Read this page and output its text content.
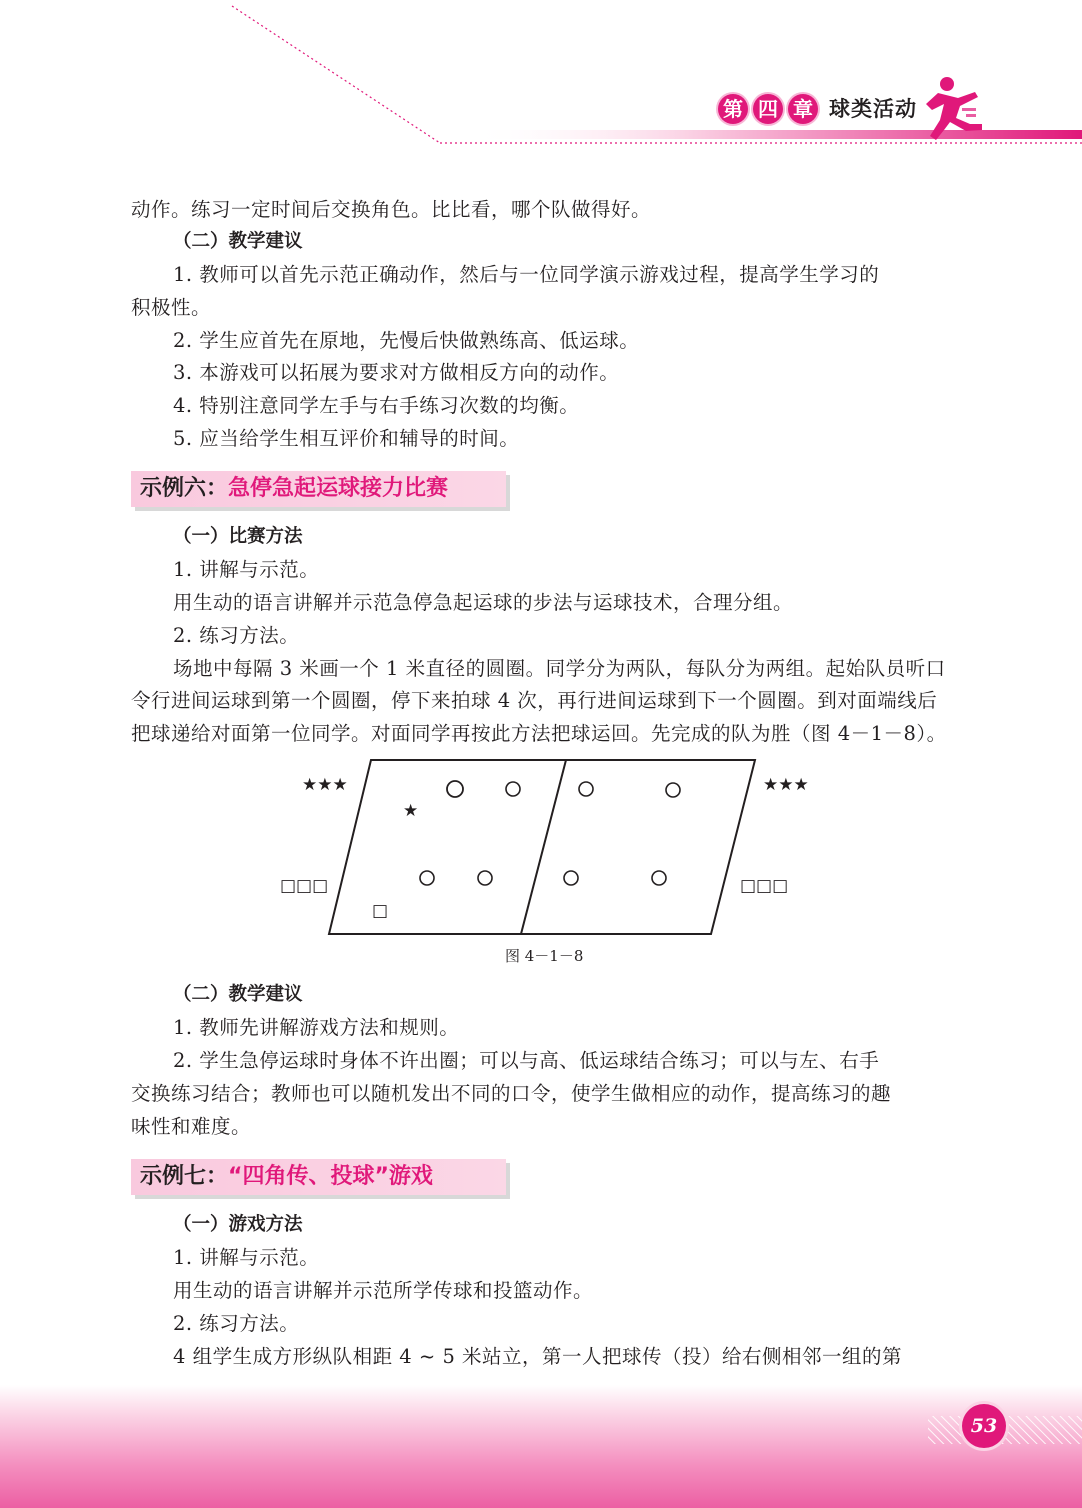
第 四 章 球类活动
动作。练习一定时间后交换角色。比比看，哪个队做得好。
（二）教学建议
1. 教师可以首先示范正确动作，然后与一位同学演示游戏过程，提高学生学习的
积极性。
2. 学生应首先在原地，先慢后快做熟练高、低运球。
3. 本游戏可以拓展为要求对方做相反方向的动作。
4. 特别注意同学左手与右手练习次数的均衡。
5. 应当给学生相互评价和辅导的时间。
示例六：急停急起运球接力比赛
（一）比赛方法
1. 讲解与示范。
用生动的语言讲解并示范急停急起运球的步法与运球技术，合理分组。
2. 练习方法。
场地中每隔 3 米画一个 1 米直径的圆圈。同学分为两队，每队分为两组。起始队员听口
令行进间运球到第一个圆圈，停下来拍球 4 次，再行进间运球到下一个圆圈。到对面端线后
把球递给对面第一位同学。对面同学再按此方法把球运回。先完成的队为胜（图 4－1－8）。
★★★	★★★
★
□□□	□□□
□
图 4－1－8
（二）教学建议
1. 教师先讲解游戏方法和规则。
2. 学生急停运球时身体不许出圈；可以与高、低运球结合练习；可以与左、右手
交换练习结合；教师也可以随机发出不同的口令，使学生做相应的动作，提高练习的趣
味性和难度。
示例七：“四角传、投球”游戏
（一）游戏方法
1. 讲解与示范。
用生动的语言讲解并示范所学传球和投篮动作。
2. 练习方法。
4 组学生成方形纵队相距 4 ~ 5 米站立，第一人把球传（投）给右侧相邻一组的第
53
